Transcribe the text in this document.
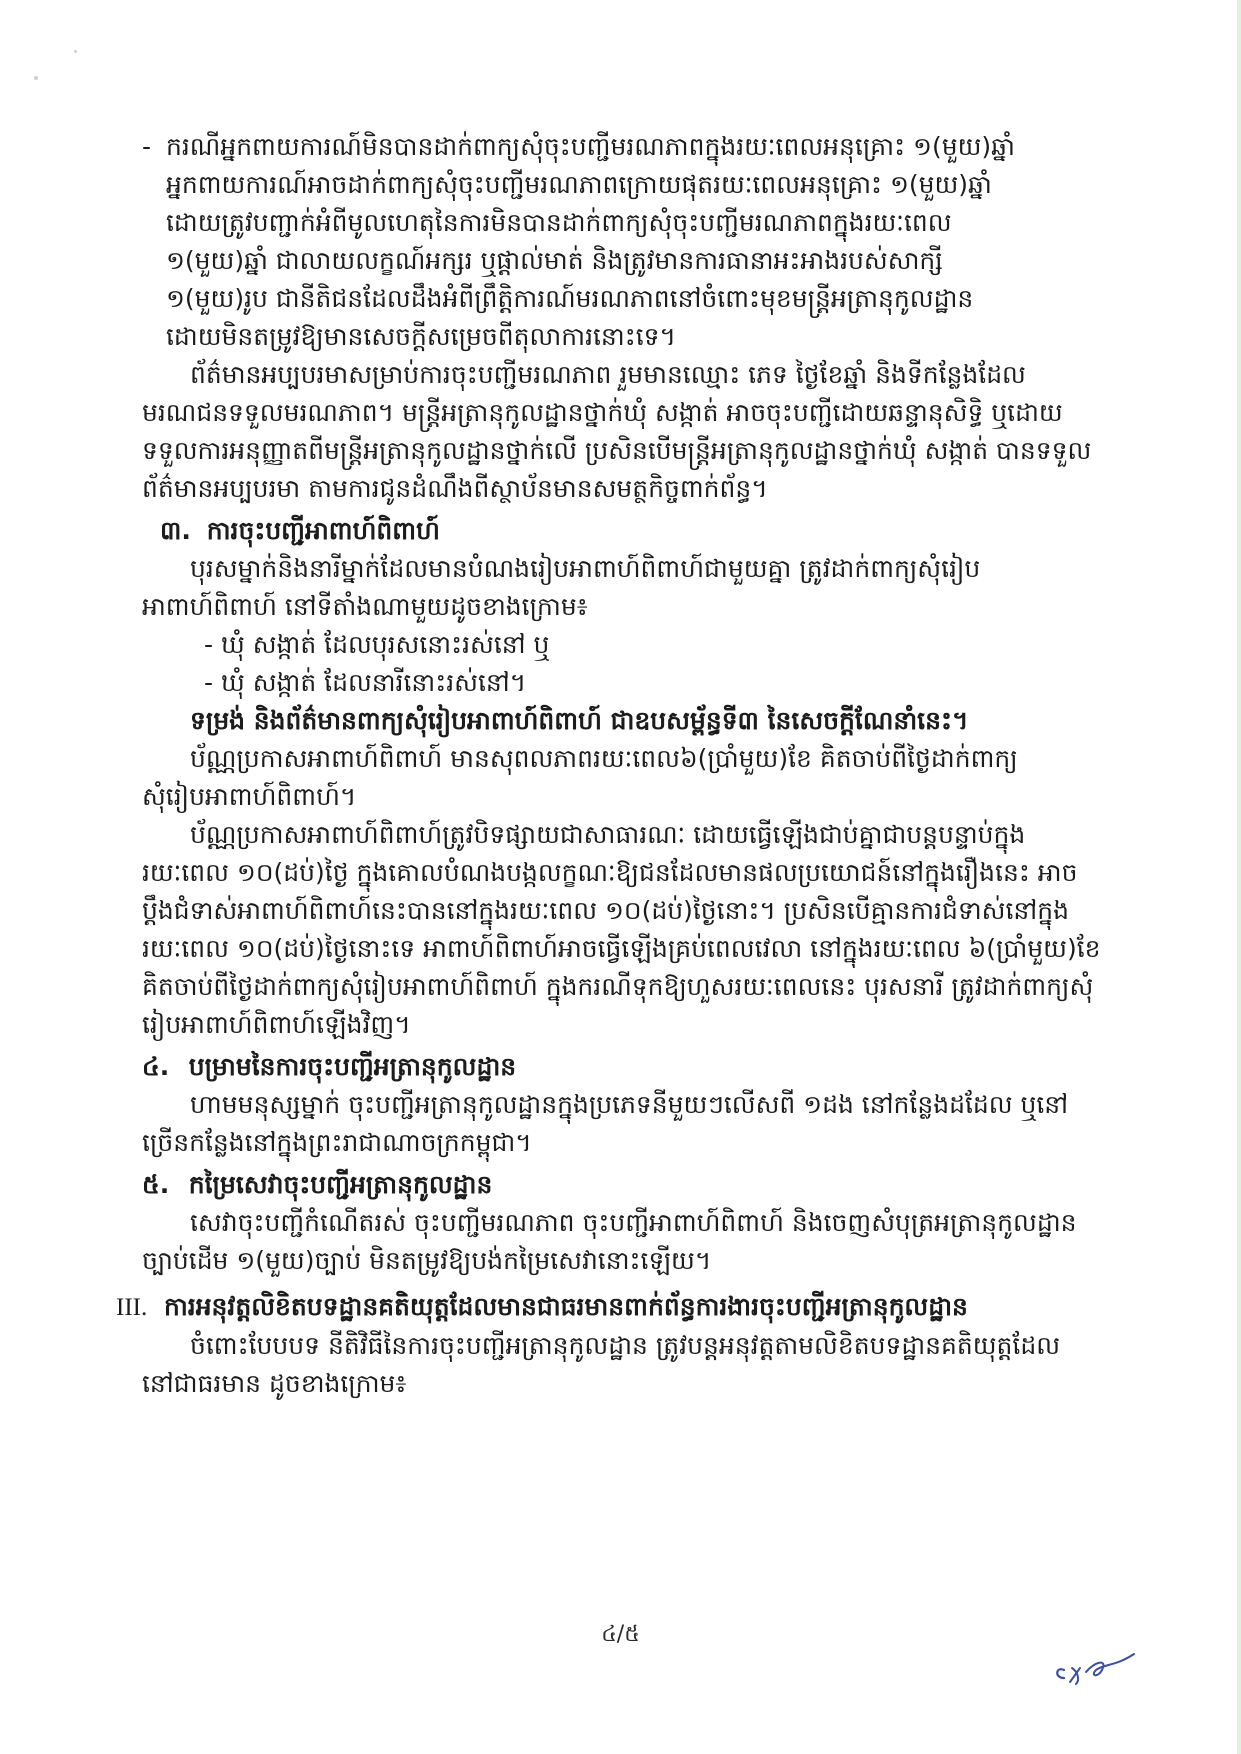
- ករណីអ្នកពាយការណ៍មិនបានដាក់ពាក្យសុំចុះបញ្ជីមរណភាពក្នុងរយៈពេលអនុគ្រោះ ១(មួយ)ឆ្នាំ

អ្នកពាយការណ៍អាចដាក់ពាក្យសុំចុះបញ្ជីមរណភាពក្រោយផុតរយៈពេលអនុគ្រោះ ១(មួយ)ឆ្នាំ

ដោយត្រូវបញ្ជាក់អំពីមូលហេតុនៃការមិនបានដាក់ពាក្យសុំចុះបញ្ជីមរណភាពក្នុងរយៈពេល

១(មួយ)ឆ្នាំ ជាលាយលក្ខណ៍អក្សរ ឬផ្តាល់មាត់ និងត្រូវមានការធានាអះអាងរបស់សាក្សី

១(មួយ)រូប ជានីតិជនដែលដឹងអំពីព្រឹត្តិការណ៍មរណភាពនៅចំពោះមុខមន្ត្រីអត្រានុកូលដ្ឋាន

ដោយមិនតម្រូវឱ្យមានសេចក្តីសម្រេចពីតុលាការនោះទេ។

ព័ត៌មានអប្បបរមាសម្រាប់ការចុះបញ្ជីមរណភាព រួមមានឈ្មោះ ភេទ ថ្ងៃខែឆ្នាំ និងទីកន្លែងដែល

មរណជនទទួលមរណភាព។ មន្ត្រីអត្រានុកូលដ្ឋានថ្នាក់ឃុំ សង្កាត់ អាចចុះបញ្ជីដោយឆន្ទានុសិទ្ធិ ឬដោយ

ទទួលការអនុញ្ញាតពីមន្ត្រីអត្រានុកូលដ្ឋានថ្នាក់លើ ប្រសិនបើមន្ត្រីអត្រានុកូលដ្ឋានថ្នាក់ឃុំ សង្កាត់ បានទទួល

ព័ត៌មានអប្បបរមា តាមការជូនដំណឹងពីស្ថាប័នមានសមត្ថកិច្ចពាក់ព័ន្ធ។

៣. ការចុះបញ្ជីអាពាហ៍ពិពាហ៍

បុរសម្នាក់និងនារីម្នាក់ដែលមានបំណងរៀបអាពាហ៍ពិពាហ៍ជាមួយគ្នា ត្រូវដាក់ពាក្យសុំរៀប

អាពាហ៍ពិពាហ៍ នៅទីតាំងណាមួយដូចខាងក្រោម៖

- ឃុំ សង្កាត់ ដែលបុរសនោះរស់នៅ ឬ

- ឃុំ សង្កាត់ ដែលនារីនោះរស់នៅ។

ទម្រង់ និងព័ត៌មានពាក្យសុំរៀបអាពាហ៍ពិពាហ៍ ជាឧបសម្ព័ន្ធទី៣ នៃសេចក្តីណែនាំនេះ។

ប័ណ្ណប្រកាសអាពាហ៍ពិពាហ៍ មានសុពលភាពរយៈពេល៦(ប្រាំមួយ)ខែ គិតចាប់ពីថ្ងៃដាក់ពាក្យ

សុំរៀបអាពាហ៍ពិពាហ៍។

ប័ណ្ណប្រកាសអាពាហ៍ពិពាហ៍ត្រូវបិទផ្សាយជាសាធារណៈ ដោយធ្វើឡើងជាប់គ្នាជាបន្តបន្ទាប់ក្នុង

រយៈពេល ១០(ដប់)ថ្ងៃ ក្នុងគោលបំណងបង្កលក្ខណៈឱ្យជនដែលមានផលប្រយោជន៍នៅក្នុងរឿងនេះ អាច

ប្តឹងជំទាស់អាពាហ៍ពិពាហ៍នេះបាននៅក្នុងរយៈពេល ១០(ដប់)ថ្ងៃនោះ។ ប្រសិនបើគ្មានការជំទាស់នៅក្នុង

រយៈពេល ១០(ដប់)ថ្ងៃនោះទេ អាពាហ៍ពិពាហ៍អាចធ្វើឡើងគ្រប់ពេលវេលា នៅក្នុងរយៈពេល ៦(ប្រាំមួយ)ខែ

គិតចាប់ពីថ្ងៃដាក់ពាក្យសុំរៀបអាពាហ៍ពិពាហ៍ ក្នុងករណីទុកឱ្យហួសរយៈពេលនេះ បុរសនារី ត្រូវដាក់ពាក្យសុំ

រៀបអាពាហ៍ពិពាហ៍ឡើងវិញ។

៤. បម្រាមនៃការចុះបញ្ជីអត្រានុកូលដ្ឋាន

ហាមមនុស្សម្នាក់ ចុះបញ្ជីអត្រានុកូលដ្ឋានក្នុងប្រភេទនីមួយៗលើសពី ១ដង នៅកន្លែងដដែល ឬនៅ

ច្រើនកន្លែងនៅក្នុងព្រះរាជាណាចក្រកម្ពុជា។

៥. កម្រៃសេវាចុះបញ្ជីអត្រានុកូលដ្ឋាន

សេវាចុះបញ្ជីកំណើតរស់ ចុះបញ្ជីមរណភាព ចុះបញ្ជីអាពាហ៍ពិពាហ៍ និងចេញសំបុត្រអត្រានុកូលដ្ឋាន

ច្បាប់ដើម ១(មួយ)ច្បាប់ មិនតម្រូវឱ្យបង់កម្រៃសេវានោះឡើយ។

III. ការអនុវត្តលិខិតបទដ្ឋានគតិយុត្តដែលមានជាធរមានពាក់ព័ន្ធការងារចុះបញ្ជីអត្រានុកូលដ្ឋាន

ចំពោះបែបបទ នីតិវិធីនៃការចុះបញ្ជីអត្រានុកូលដ្ឋាន ត្រូវបន្តអនុវត្តតាមលិខិតបទដ្ឋានគតិយុត្តដែល

នៅជាធរមាន ដូចខាងក្រោម៖

៤/៥
